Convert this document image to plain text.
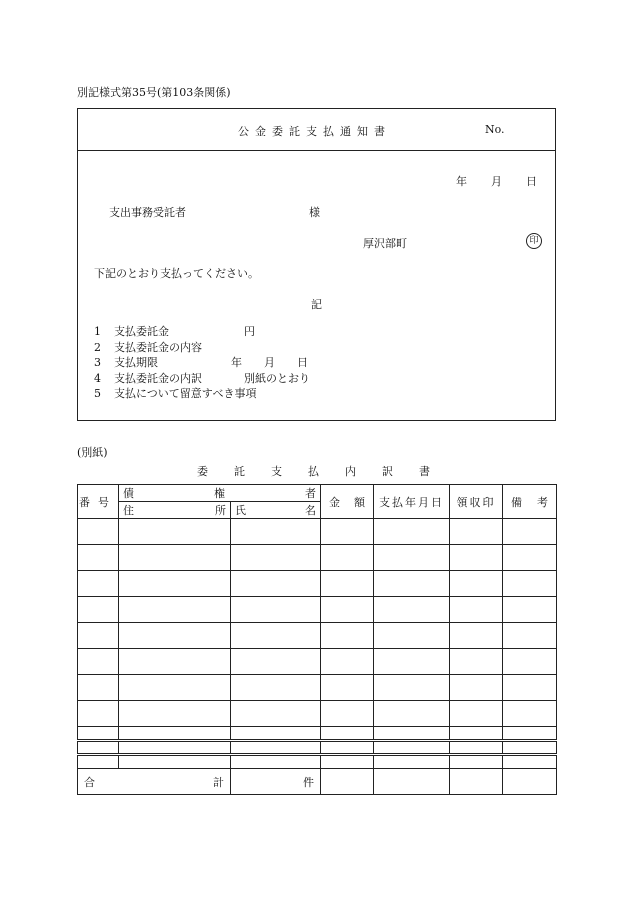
別記様式第35号(第103条関係)
公金委託支払通知書	No.
年 月 日
支出事務受託者	様
厚沢部町	印
下記のとおり支払ってください。
記
1 支払委託金	円
2 支払委託金の内容
3 支払期限	年　　月　　日
4 支払委託金の内訳	別紙のとおり
5 支払について留意すべき事項
(別紙)
委託支払内訳書
番号	債 権 者		金 額	支払年月日	領収印	備 考

	住 所	氏 名				

合 計		件				
